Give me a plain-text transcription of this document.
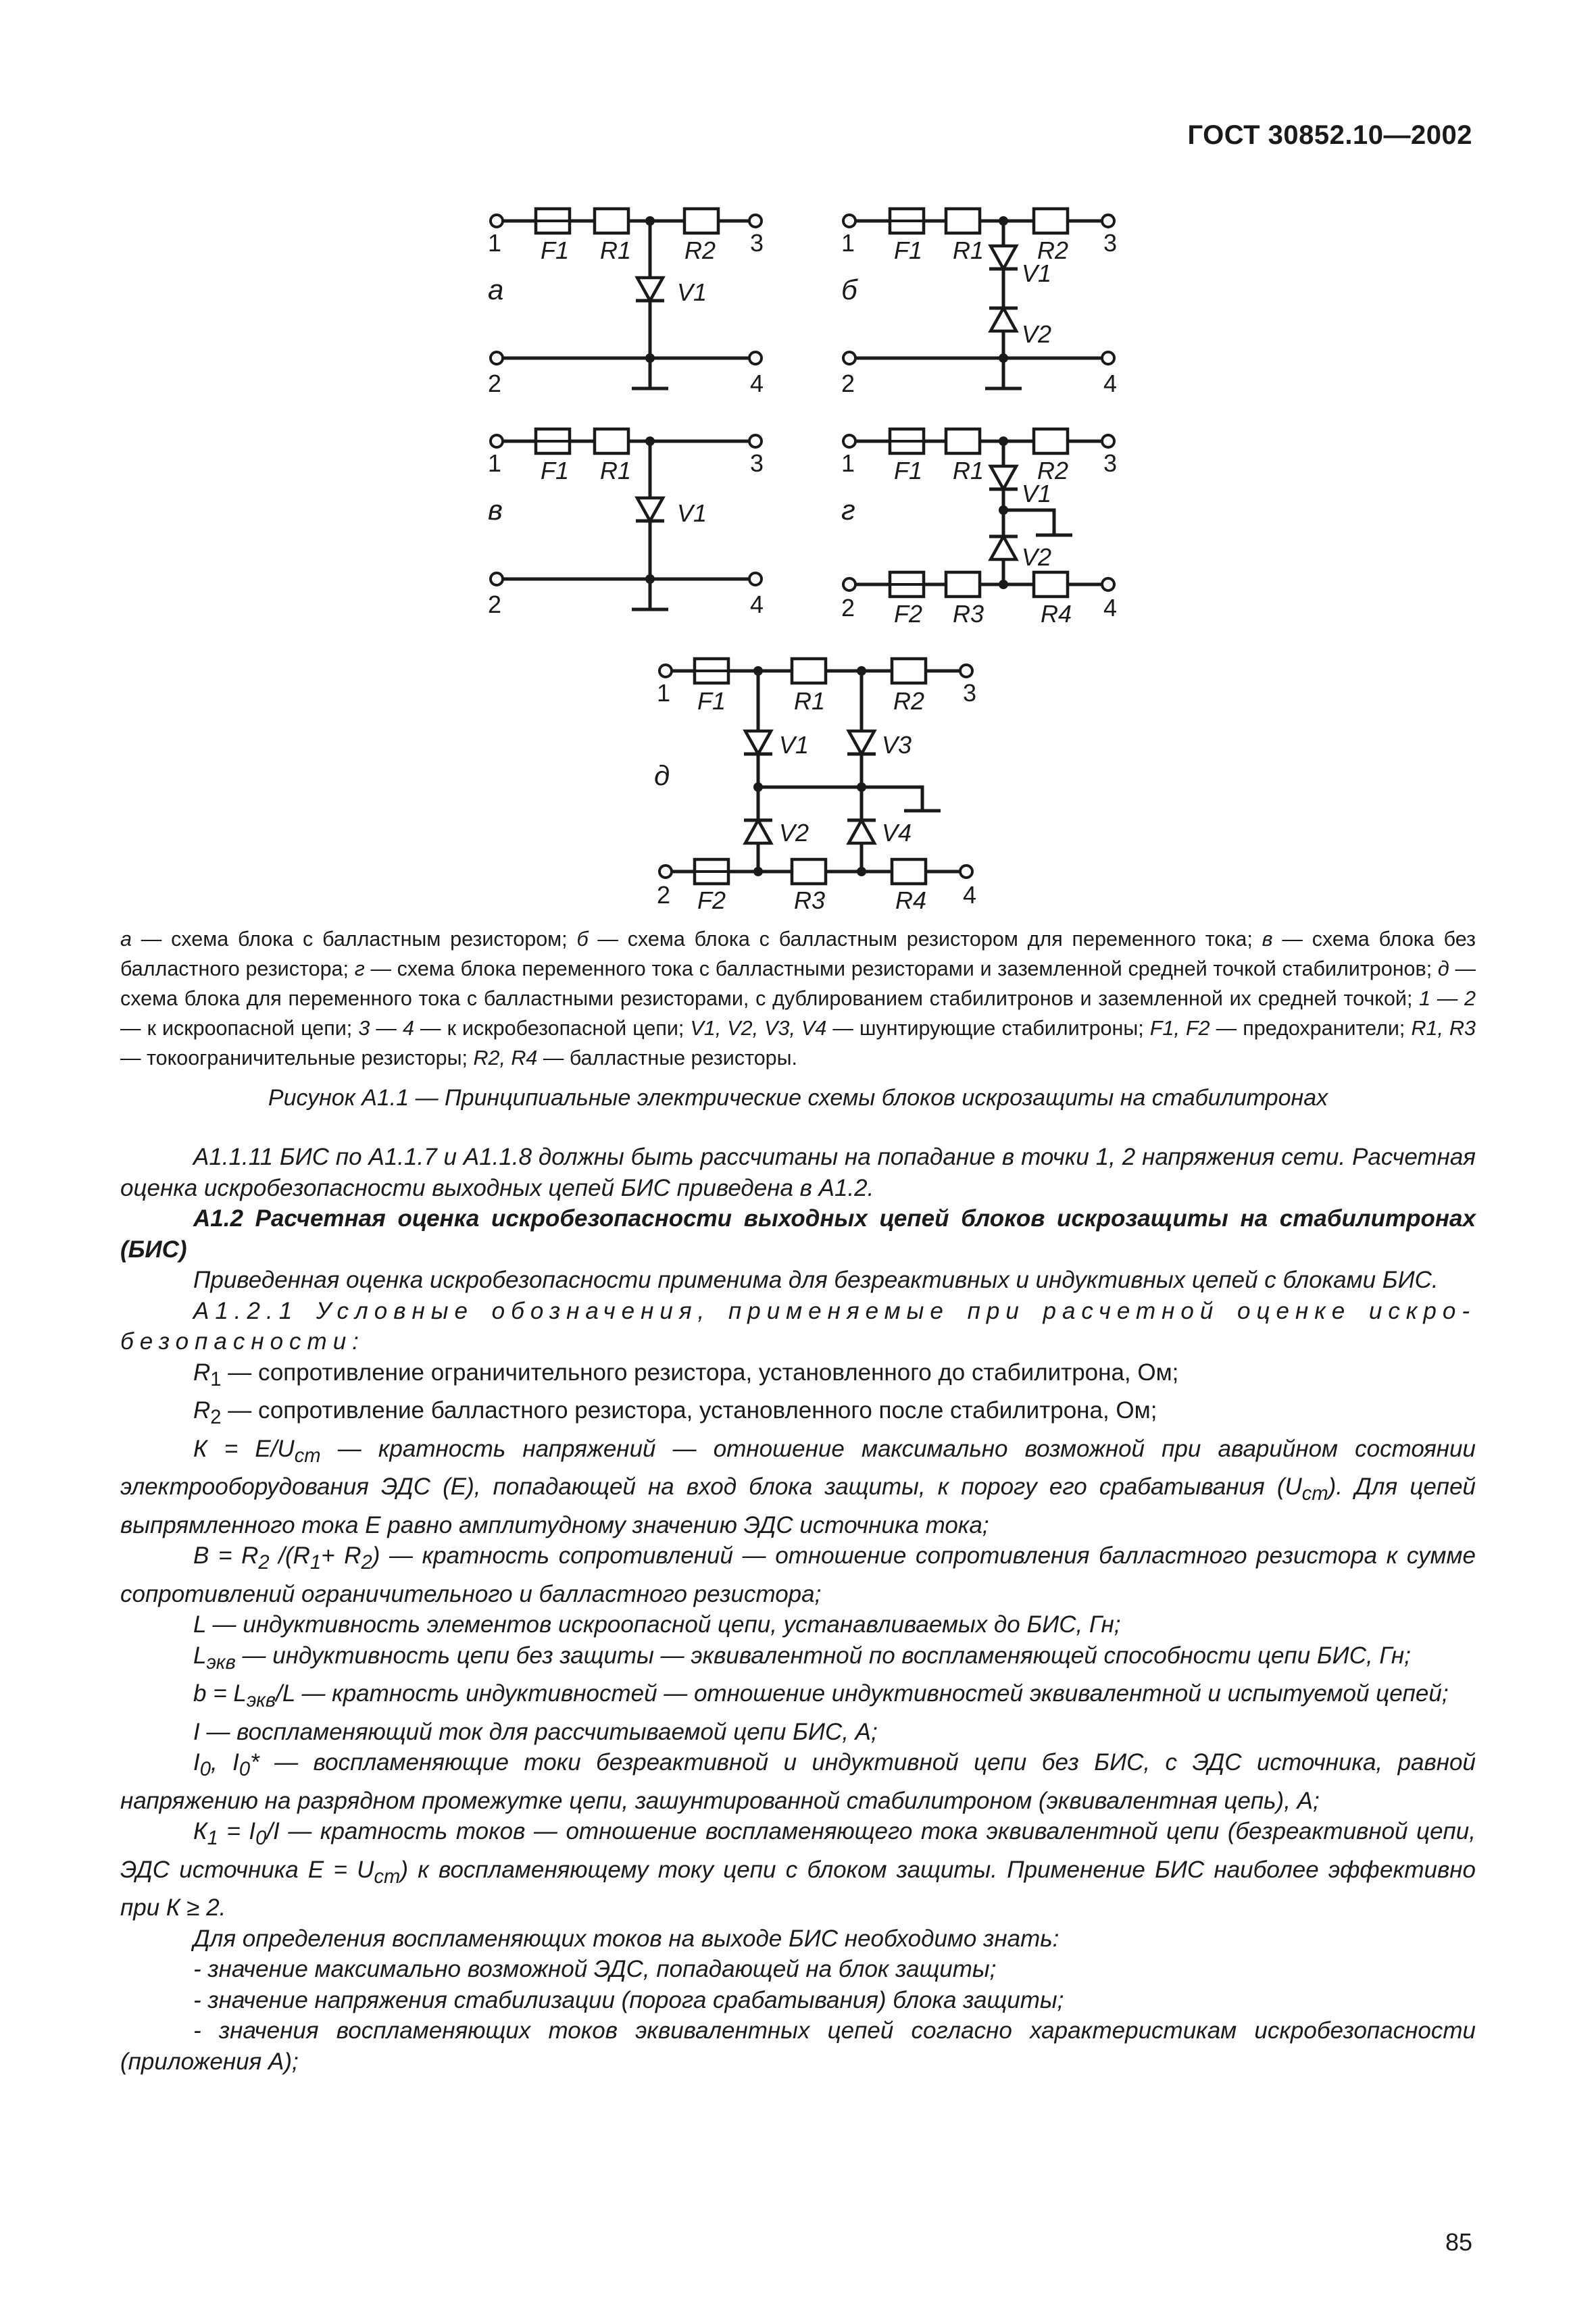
ГОСТ 30852.10—2002
1	3
2	4
F1 R1 R2
V1
а
1	3
2	4
F1 R1 R2
V1
V2
б
1	3
2	4
F1 R1
V1
в
1	3
2	4
F1 R1 R2
V1
V2
F2 R3 R4
г
1	3
2	4
F1	R1	R2
V1	V3
V2	V4
F2	R3	R4
д
а — схема блока с балластным резистором; б — схема блока с балластным резистором для переменного тока; в — схема блока без балластного резистора; г — схема блока переменного тока с балластными резисторами и заземленной средней точкой стабилитронов; д — схема блока для переменного тока с балластными резисторами, с дублированием стабилитронов и заземленной их средней точкой; 1 — 2 — к искроопасной цепи; 3 — 4 — к искробезопасной цепи; V1, V2, V3, V4 — шунтирующие стабилитроны; F1, F2 — предохранители; R1, R3 — токоограничительные резисторы; R2, R4 — балластные резисторы.
Рисунок А1.1 — Принципиальные электрические схемы блоков искрозащиты на стабилитронах

А1.1.11 БИС по А1.1.7 и А1.1.8 должны быть рассчитаны на попадание в точки 1, 2 напряжения сети. Расчетная оценка искробезопасности выходных цепей БИС приведена в А1.2.

А1.2 Расчетная оценка искробезопасности выходных цепей блоков искрозащиты на стабилитронах (БИС)

Приведенная оценка искробезопасности применима для безреактивных и индуктивных цепей с блоками БИС.

А1.2.1 Условные обозначения, применяемые при расчетной оценке искро-
безопасности:

$R_1$ — сопротивление ограничительного резистора, установленного до стабилитрона, Ом;

$R_2$ — сопротивление балластного резистора, установленного после стабилитрона, Ом;

$К = Е/U_{ст}$ — кратность напряжений — отношение максимально возможной при аварийном состоянии электрооборудования ЭДС (Е), попадающей на вход блока защиты, к порогу его срабатывания $(U_{ст})$. Для цепей выпрямленного тока Е равно амплитудному значению ЭДС источника тока;

$В = R_2$ $/(R_1+ R_2)$ — кратность сопротивлений — отношение сопротивления балластного резистора к сумме сопротивлений ограничительного и балластного резистора;

L — индуктивность элементов искроопасной цепи, устанавливаемых до БИС, Гн;

$L_{экв}$ — индуктивность цепи без защиты — эквивалентной по воспламеняющей способности цепи БИС, Гн;

$b = L_{экв}/L$ — кратность индуктивностей — отношение индуктивностей эквивалентной и испытуемой цепей;

I — воспламеняющий ток для рассчитываемой цепи БИС, А;

$I_0$, $I_0*$ — воспламеняющие токи безреактивной и индуктивной цепи без БИС, с ЭДС источника, равной напряжению на разрядном промежутке цепи, зашунтированной стабилитроном (эквивалентная цепь), А;

$К_1 = I_0/I$ — кратность токов — отношение воспламеняющего тока эквивалентной цепи (безреактивной цепи, ЭДС источника $Е = U_{ст}$) к воспламеняющему току цепи с блоком защиты. Применение БИС наиболее эффективно при К ≥ 2.

Для определения воспламеняющих токов на выходе БИС необходимо знать:

- значение максимально возможной ЭДС, попадающей на блок защиты;

- значение напряжения стабилизации (порога срабатывания) блока защиты;

- значения воспламеняющих токов эквивалентных цепей согласно характеристикам искробезопасности (приложения А);

85
